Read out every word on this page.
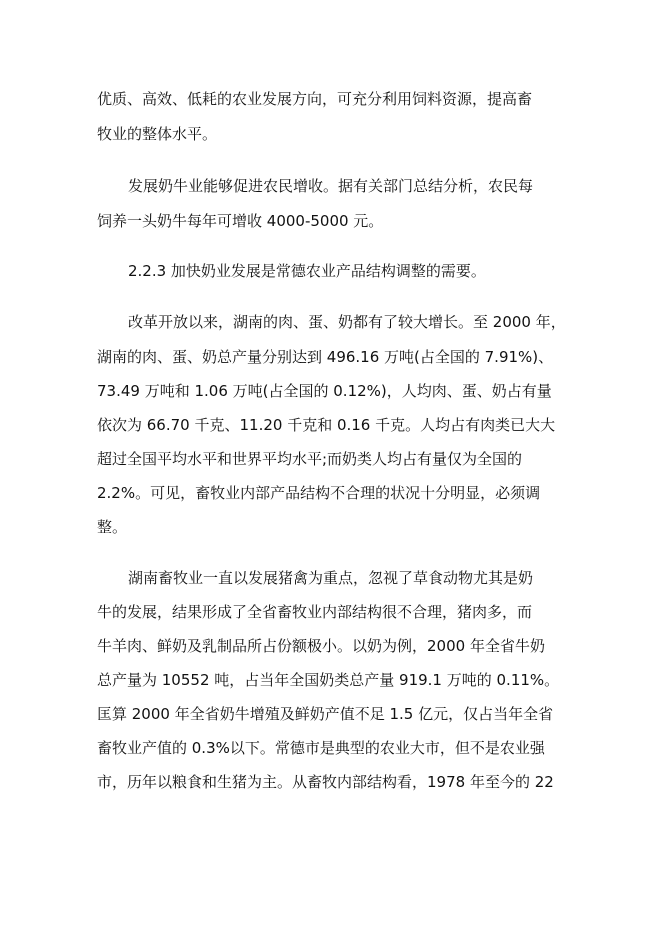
优质、高效、低耗的农业发展方向，可充分利用饲料资源，提高畜
牧业的整体水平。
发展奶牛业能够促进农民增收。据有关部门总结分析，农民每
饲养一头奶牛每年可增收 4000-5000 元。
2.2.3 加快奶业发展是常德农业产品结构调整的需要。
改革开放以来，湖南的肉、蛋、奶都有了较大增长。至 2000 年，
湖南的肉、蛋、奶总产量分别达到 496.16 万吨(占全国的 7.91%)、
73.49 万吨和 1.06 万吨(占全国的 0.12%)，人均肉、蛋、奶占有量
依次为 66.70 千克、11.20 千克和 0.16 千克。人均占有肉类已大大
超过全国平均水平和世界平均水平;而奶类人均占有量仅为全国的
2.2%。可见，畜牧业内部产品结构不合理的状况十分明显，必须调
整。
湖南畜牧业一直以发展猪禽为重点，忽视了草食动物尤其是奶
牛的发展，结果形成了全省畜牧业内部结构很不合理，猪肉多，而
牛羊肉、鲜奶及乳制品所占份额极小。以奶为例，2000 年全省牛奶
总产量为 10552 吨，占当年全国奶类总产量 919.1 万吨的 0.11%。
匡算 2000 年全省奶牛增殖及鲜奶产值不足 1.5 亿元，仅占当年全省
畜牧业产值的 0.3%以下。常德市是典型的农业大市，但不是农业强
市，历年以粮食和生猪为主。从畜牧内部结构看，1978 年至今的 22
